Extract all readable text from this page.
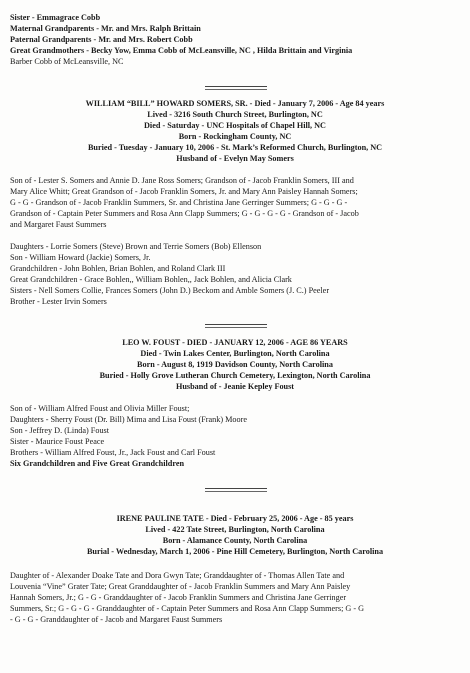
Sister - Emmagrace Cobb
Maternal Grandparents - Mr. and Mrs. Ralph Brittain
Paternal Grandparents - Mr. and Mrs. Robert Cobb
Great Grandmothers - Becky Yow, Emma Cobb of McLeansville, NC , Hilda Brittain and Virginia
Barber Cobb of McLeansville, NC
WILLIAM “BILL” HOWARD SOMERS, SR. - Died - January 7, 2006 - Age 84 years
Lived - 3216 South Church Street, Burlington, NC
Died - Saturday - UNC Hospitals of Chapel Hill, NC
Born - Rockingham County, NC
Buried - Tuesday - January 10, 2006 - St. Mark’s Reformed Church, Burlington, NC
Husband of - Evelyn May Somers
Son of - Lester S. Somers and Annie D. Jane Ross Somers; Grandson of - Jacob Franklin Somers, III and
Mary Alice Whitt; Great Grandson of - Jacob Franklin Somers, Jr. and Mary Ann Paisley Hannah Somers;
G - G - Grandson of - Jacob Franklin Summers, Sr. and Christina Jane Gerringer Summers; G - G - G -
Grandson of - Captain Peter Summers and Rosa Ann Clapp Summers; G - G - G - G - Grandson of - Jacob
and Margaret Faust Summers
Daughters - Lorrie Somers (Steve) Brown and Terrie Somers (Bob) Ellenson
Son - William Howard (Jackie) Somers, Jr.
Grandchildren - John Bohlen, Brian Bohlen, and Roland Clark III
Great Grandchildren - Grace Bohlen,, William Bohlen,, Jack Bohlen, and Alicia Clark
Sisters - Nell Somers Collie, Frances Somers (John D.) Beckom and Amble Somers (J. C.) Peeler
Brother - Lester Irvin Somers
LEO W. FOUST - DIED - JANUARY 12, 2006 - AGE 86 YEARS
Died - Twin Lakes Center, Burlington, North Carolina
Born - August 8, 1919 Davidson County, North Carolina
Buried - Holly Grove Lutheran Church Cemetery, Lexington, North Carolina
Husband of - Jeanie Kepley Foust
Son of - William Alfred Foust and Olivia Miller Foust;
Daughters - Sherry Foust (Dr. Bill) Mima and Lisa Foust (Frank) Moore
Son - Jeffrey D. (Linda) Foust
Sister - Maurice Foust Peace
Brothers - William Alfred Foust, Jr., Jack Foust and Carl Foust
Six Grandchildren and Five Great Grandchildren
IRENE PAULINE TATE - Died - February 25, 2006 - Age - 85 years
Lived - 422 Tate Street, Burlington, North Carolina
Born - Alamance County, North Carolina
Burial - Wednesday, March 1, 2006 - Pine Hill Cemetery, Burlington, North Carolina
Daughter of - Alexander Doake Tate and Dora Gwyn Tate; Granddaughter of - Thomas Allen Tate and
Louvenia “Vine” Grater Tate; Great Granddaughter of - Jacob Franklin Summers and Mary Ann Paisley
Hannah Somers, Jr.; G - G - Granddaughter of - Jacob Franklin Summers and Christina Jane Gerringer
Summers, Sr.; G - G - G - Granddaughter of - Captain Peter Summers and Rosa Ann Clapp Summers; G - G
- G - G - Granddaughter of - Jacob and Margaret Faust Summers
